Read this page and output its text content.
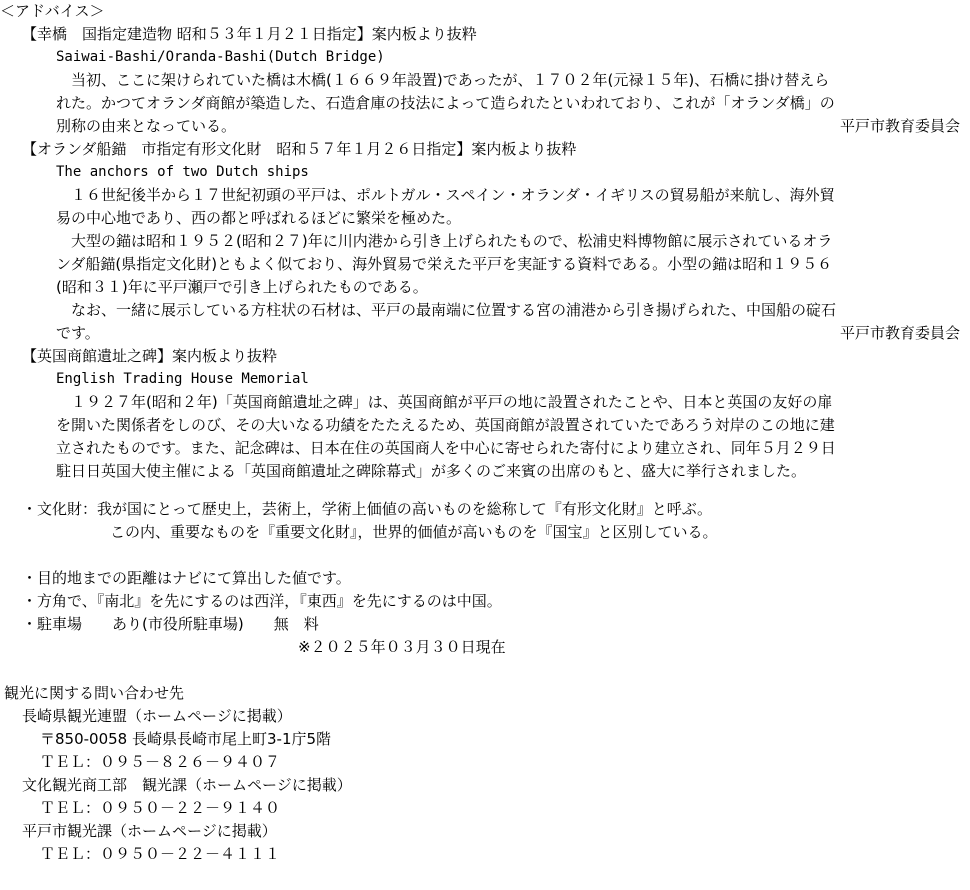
＜アドバイス＞
【幸橋　国指定建造物 昭和５３年１月２１日指定】案内板より抜粋
Saiwai-Bashi/Oranda-Bashi(Dutch Bridge)
　当初、ここに架けられていた橋は木橋(１６６９年設置)であったが、１７０２年(元禄１５年)、石橋に掛け替えら
れた。かつてオランダ商館が築造した、石造倉庫の技法によって造られたといわれており、これが「オランダ橋」の
別称の由来となっている。	平戸市教育委員会
【オランダ船錨　市指定有形文化財　昭和５７年１月２６日指定】案内板より抜粋
The anchors of two Dutch ships
　１６世紀後半から１７世紀初頭の平戸は、ポルトガル・スペイン・オランダ・イギリスの貿易船が来航し、海外貿
易の中心地であり、西の都と呼ばれるほどに繁栄を極めた。
　大型の錨は昭和１９５２(昭和２７)年に川内港から引き上げられたもので、松浦史料博物館に展示されているオラ
ンダ船錨(県指定文化財)ともよく似ており、海外貿易で栄えた平戸を実証する資料である。小型の錨は昭和１９５６
(昭和３１)年に平戸瀬戸で引き上げられたものである。
　なお、一緒に展示している方柱状の石材は、平戸の最南端に位置する宮の浦港から引き揚げられた、中国船の碇石
です。	平戸市教育委員会
【英国商館遺址之碑】案内板より抜粋
English Trading House Memorial
　１９２７年(昭和２年)「英国商館遺址之碑」は、英国商館が平戸の地に設置されたことや、日本と英国の友好の扉
を開いた関係者をしのび、その大いなる功績をたたえるため、英国商館が設置されていたであろう対岸のこの地に建
立されたものです。また、記念碑は、日本在住の英国商人を中心に寄せられた寄付により建立され、同年５月２９日
駐日日英国大使主催による「英国商館遺址之碑除幕式」が多くのご来賓の出席のもと、盛大に挙行されました。
・文化財：我が国にとって歴史上，芸術上，学術上価値の高いものを総称して『有形文化財』と呼ぶ。
この内、重要なものを『重要文化財』，世界的価値が高いものを『国宝』と区別している。
・目的地までの距離はナビにて算出した値です。
・方角で、『南北』を先にするのは西洋，『東西』を先にするのは中国。
・駐車場　　あり(市役所駐車場)　　無　料
※２０２５年０３月３０日現在
観光に関する問い合わせ先
長崎県観光連盟（ホームページに掲載）
〒850-0058 長崎県長崎市尾上町3-1庁5階
ＴＥＬ：０９５－８２６－９４０７
文化観光商工部　観光課（ホームページに掲載）
ＴＥＬ：０９５０－２２－９１４０
平戸市観光課（ホームページに掲載）
ＴＥＬ：０９５０－２２－４１１１
